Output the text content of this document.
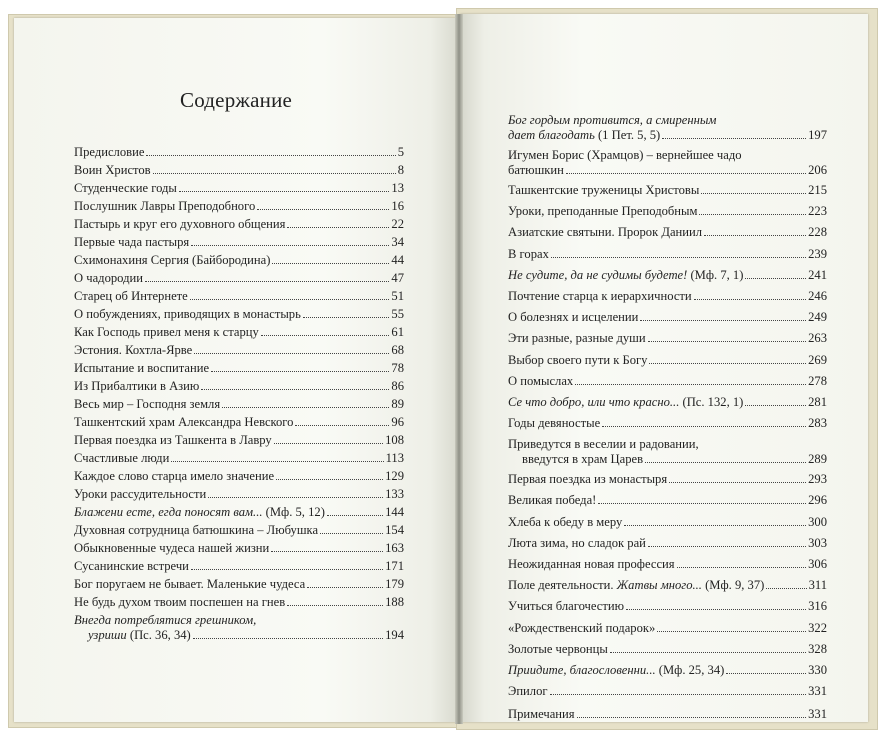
Содержание
Предисловие	5
Воин Христов	8
Студенческие годы	13
Послушник Лавры Преподобного	16
Пастырь и круг его духовного общения	22
Первые чада пастыря	34
Схимонахиня Сергия (Байбородина)	44
О чадородии	47
Старец об Интернете	51
О побуждениях, приводящих в монастырь	55
Как Господь привел меня к старцу	61
Эстония. Кохтла-Ярве	68
Испытание и воспитание	78
Из Прибалтики в Азию	86
Весь мир – Господня земля	89
Ташкентский храм Александра Невского	96
Первая поездка из Ташкента в Лавру	108
Счастливые люди	113
Каждое слово старца имело значение	129
Уроки рассудительности	133
Блажени есте, егда поносят вам... (Мф. 5, 12)	144
Духовная сотрудница батюшкина – Любушка	154
Обыкновенные чудеса нашей жизни	163
Сусанинские встречи	171
Бог поругаем не бывает. Маленькие чудеса	179
Не будь духом твоим поспешен на гнев	188
Внегда потреблятися грешником,
узриши (Пс. 36, 34)	194
Бог гордым противится, а смиренным
дает благодать (1 Пет. 5, 5)	197
Игумен Борис (Храмцов) – вернейшее чадо
батюшкин	206
Ташкентские труженицы Христовы	215
Уроки, преподанные Преподобным	223
Азиатские святыни. Пророк Даниил	228
В горах	239
Не судите, да не судимы будете! (Мф. 7, 1)	241
Почтение старца к иерархичности	246
О болезнях и исцелении	249
Эти разные, разные души	263
Выбор своего пути к Богу	269
О помыслах	278
Се что добро, или что красно... (Пс. 132, 1)	281
Годы девяностые	283
Приведутся в веселии и радовании,
введутся в храм Царев	289
Первая поездка из монастыря	293
Великая победа!	296
Хлеба к обеду в меру	300
Люта зима, но сладок рай	303
Неожиданная новая профессия	306
Поле деятельности. Жатвы много... (Мф. 9, 37)	311
Учиться благочестию	316
«Рождественский подарок»	322
Золотые червонцы	328
Приидите, благословенни... (Мф. 25, 34)	330
Эпилог	331
Примечания	331
